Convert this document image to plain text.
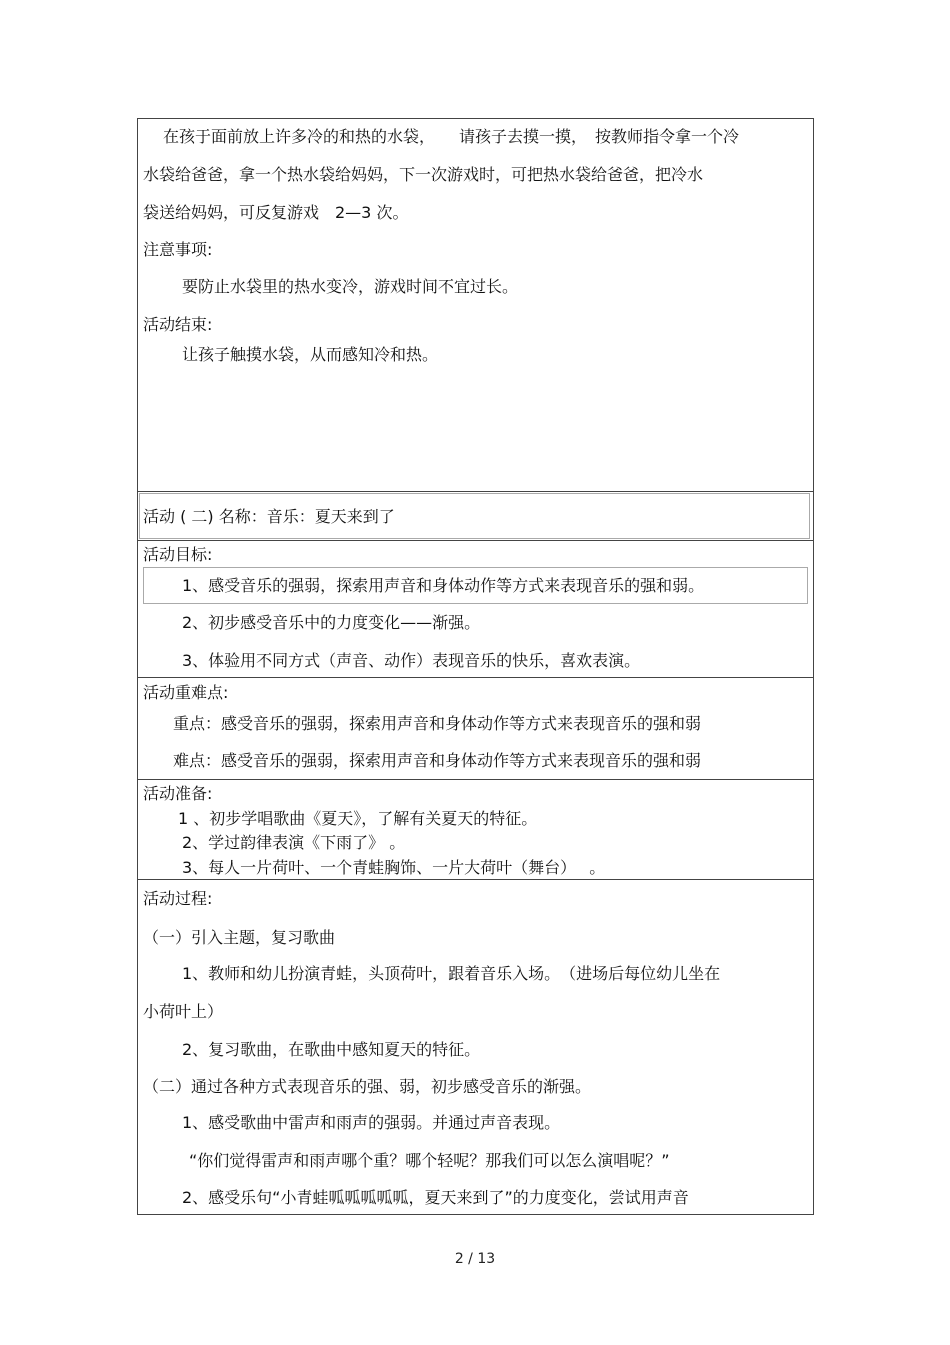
在孩于面前放上许多冷的和热的水袋，　　请孩子去摸一摸，　按教师指令拿一个冷
水袋给爸爸，拿一个热水袋给妈妈，下一次游戏时，可把热水袋给爸爸，把冷水
袋送给妈妈，可反复游戏　2—3 次。
注意事项:
要防止水袋里的热水变冷，游戏时间不宜过长。
活动结束:
让孩子触摸水袋，从而感知冷和热。
活动 ( 二) 名称：音乐：夏天来到了
活动目标:
1、感受音乐的强弱，探索用声音和身体动作等方式来表现音乐的强和弱。
2、初步感受音乐中的力度变化——渐强。
3、体验用不同方式（声音、动作）表现音乐的快乐，喜欢表演。
活动重难点:
重点：感受音乐的强弱，探索用声音和身体动作等方式来表现音乐的强和弱
难点：感受音乐的强弱，探索用声音和身体动作等方式来表现音乐的强和弱
活动准备:
1 、初步学唱歌曲《夏天》，了解有关夏天的特征。
2、学过韵律表演《下雨了》 。
3、每人一片荷叶、一个青蛙胸饰、一片大荷叶（舞台）　 。
活动过程:
（一）引入主题，复习歌曲
1、教师和幼儿扮演青蛙，头顶荷叶，跟着音乐入场。　（进场后每位幼儿坐在
小荷叶上）
2、复习歌曲，在歌曲中感知夏天的特征。
（二）通过各种方式表现音乐的强、弱，初步感受音乐的渐强。
1、感受歌曲中雷声和雨声的强弱。并通过声音表现。
“你们觉得雷声和雨声哪个重？哪个轻呢？那我们可以怎么演唱呢？”
2、感受乐句“小青蛙呱呱呱呱呱，夏天来到了”的力度变化，尝试用声音
2 / 13
